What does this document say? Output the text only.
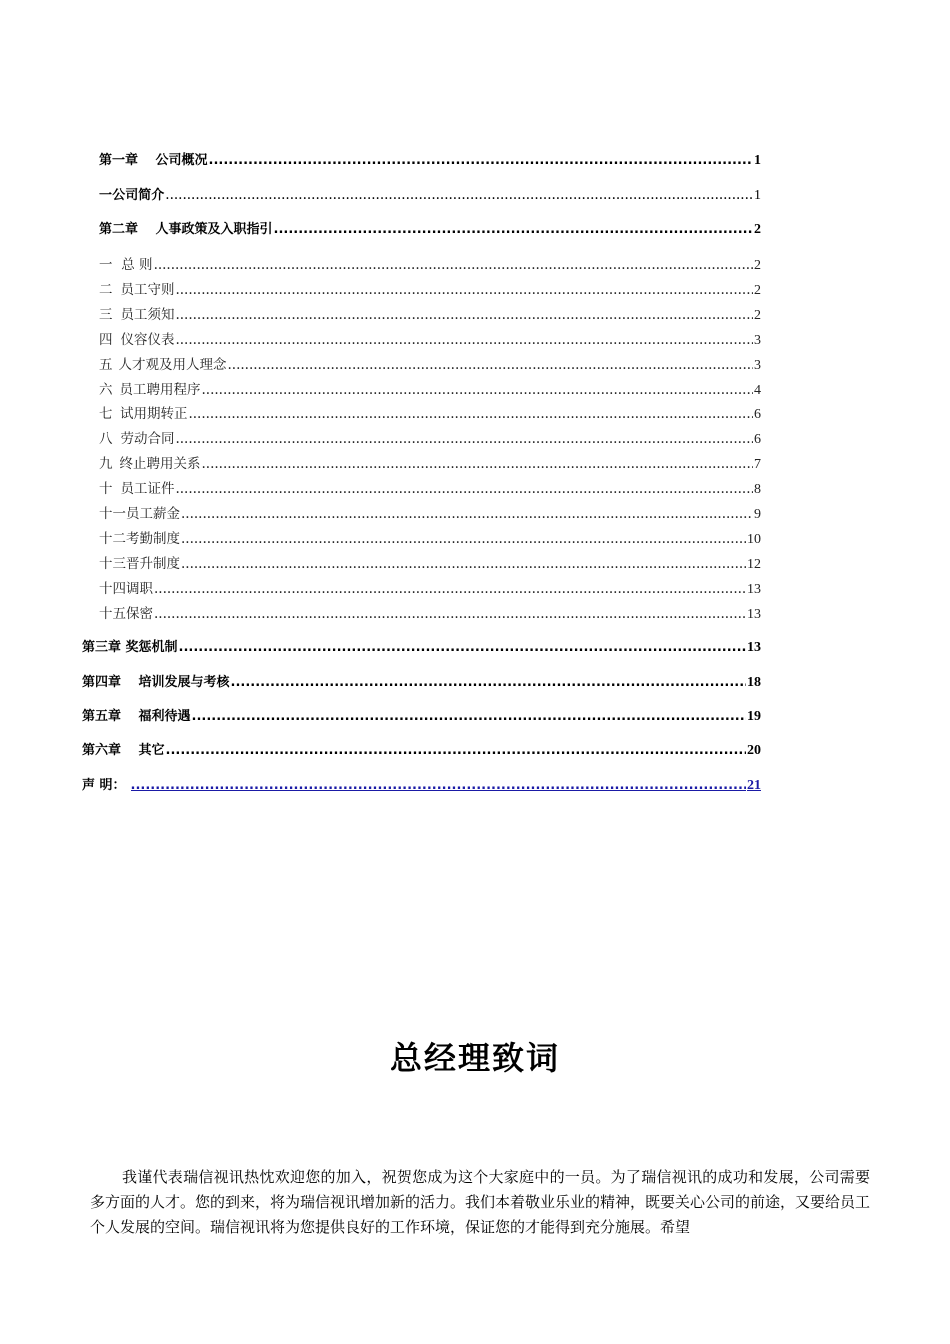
第一章　 公司概况 .....	1
一 公司简介 .....	1
第二章　 人事政策及入职指引 .....	2
一 总 则 .....	2
二 员工守则 .....	2
三 员工须知 .....	2
四 仪容仪表 .....	3
五 人才观及用人理念 .....	3
六 员工聘用程序 .....	4
七 试用期转正 .....	6
八 劳动合同 .....	6
九 终止聘用关系 .....	7
十 员工证件 .....	8
十一 员工薪金 .....	9
十二 考勤制度 .....	10
十三 晋升制度 .....	12
十四 调职 .....	13
十五 保密 .....	13
第三章 奖惩机制 .....	13
第四章　 培训发展与考核 .....	18
第五章　 福利待遇 .....	19
第六章　 其它 .....	20
声 明： .....	21
总经理致词
我谨代表瑞信视讯热忱欢迎您的加入，祝贺您成为这个大家庭中的一员。为了瑞信视讯的成功和发展，公司需要多方面的人才。您的到来，将为瑞信视讯增加新的活力。我们本着敬业乐业的精神，既要关心公司的前途，又要给员工个人发展的空间。瑞信视讯将为您提供良好的工作环境，保证您的才能得到充分施展。希望
